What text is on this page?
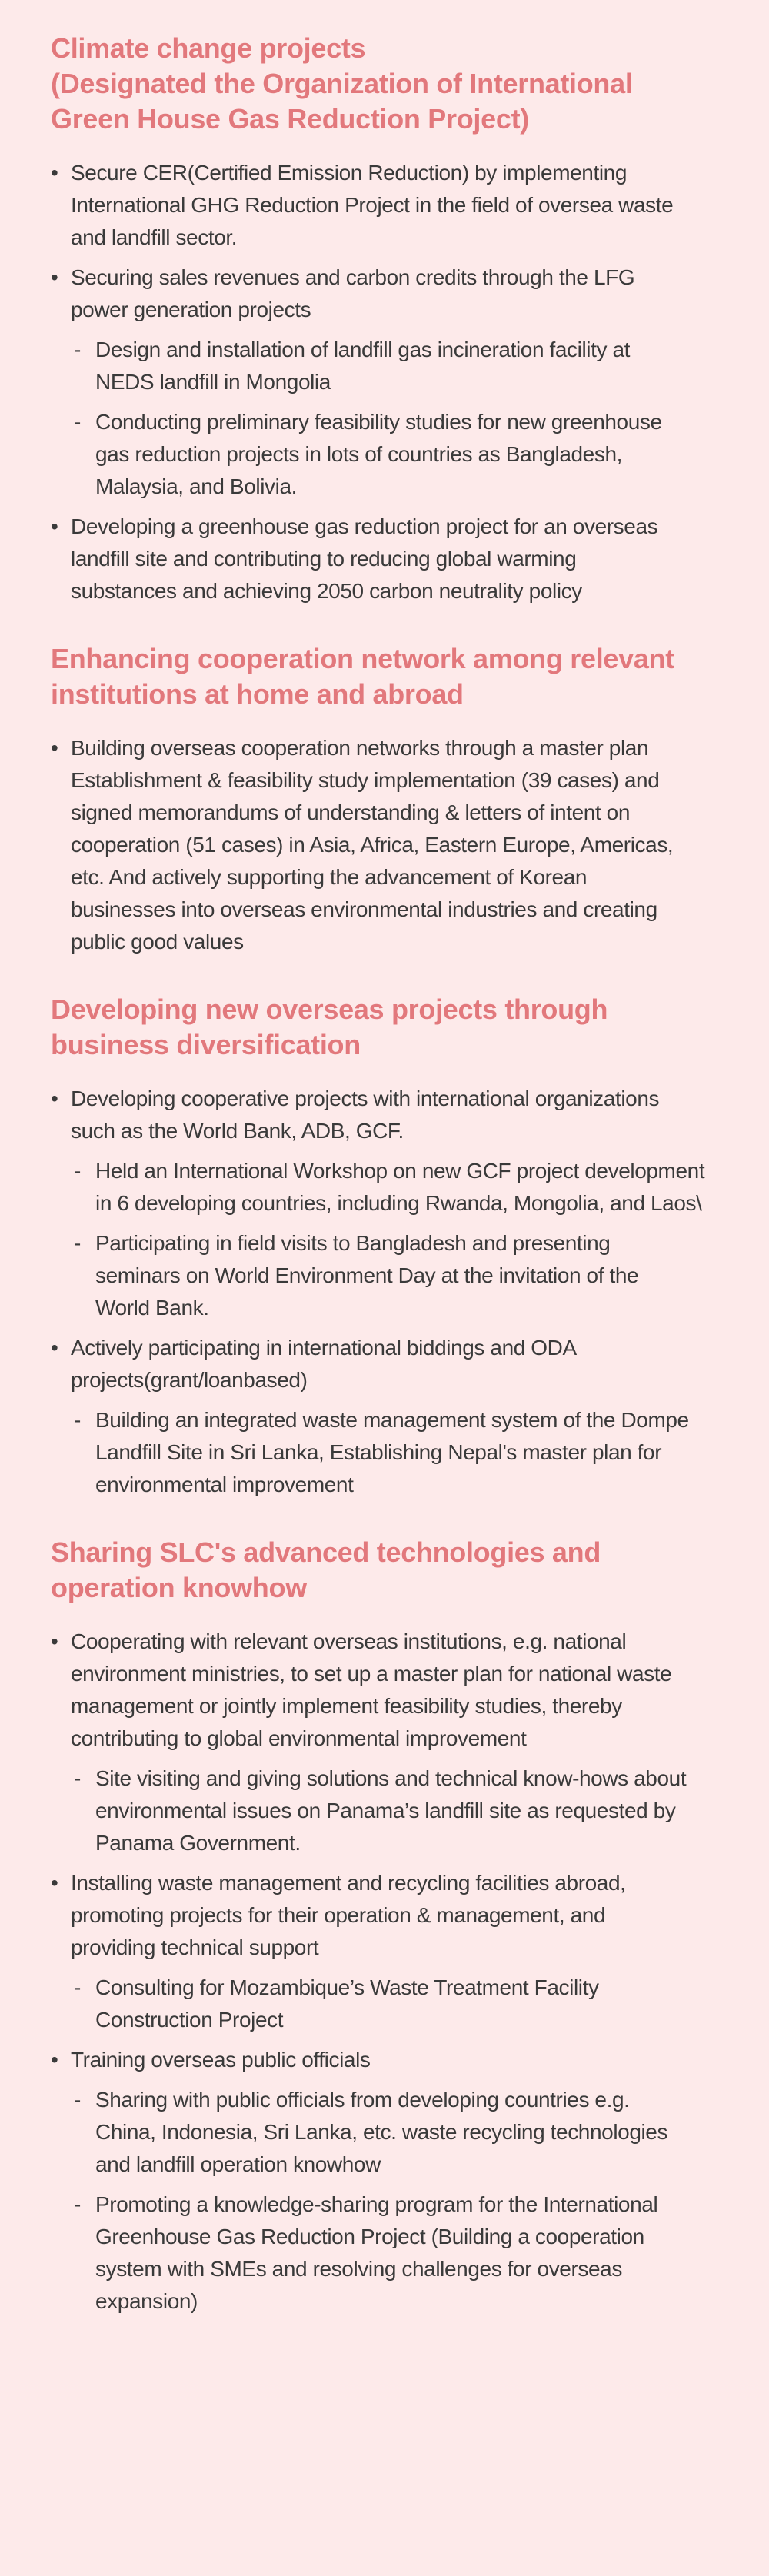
Climate change projects
(Designated the Organization of International
Green House Gas Reduction Project)
• Secure CER(Certified Emission Reduction) by implementing
International GHG Reduction Project in the field of oversea waste
and landfill sector.
• Securing sales revenues and carbon credits through the LFG
power generation projects
- Design and installation of landfill gas incineration facility at
NEDS landfill in Mongolia
- Conducting preliminary feasibility studies for new greenhouse
gas reduction projects in lots of countries as Bangladesh,
Malaysia, and Bolivia.
• Developing a greenhouse gas reduction project for an overseas
landfill site and contributing to reducing global warming
substances and achieving 2050 carbon neutrality policy
Enhancing cooperation network among relevant
institutions at home and abroad
• Building overseas cooperation networks through a master plan
Establishment & feasibility study implementation (39 cases) and
signed memorandums of understanding & letters of intent on
cooperation (51 cases) in Asia, Africa, Eastern Europe, Americas,
etc. And actively supporting the advancement of Korean
businesses into overseas environmental industries and creating
public good values
Developing new overseas projects through
business diversification
• Developing cooperative projects with international organizations
such as the World Bank, ADB, GCF.
- Held an International Workshop on new GCF project development
in 6 developing countries, including Rwanda, Mongolia, and Laos\
- Participating in field visits to Bangladesh and presenting
seminars on World Environment Day at the invitation of the
World Bank.
• Actively participating in international biddings and ODA
projects(grant/loanbased)
- Building an integrated waste management system of the Dompe
Landfill Site in Sri Lanka, Establishing Nepal's master plan for
environmental improvement
Sharing SLC's advanced technologies and
operation knowhow
• Cooperating with relevant overseas institutions, e.g. national
environment ministries, to set up a master plan for national waste
management or jointly implement feasibility studies, thereby
contributing to global environmental improvement
- Site visiting and giving solutions and technical know-hows about
environmental issues on Panama’s landfill site as requested by
Panama Government.
• Installing waste management and recycling facilities abroad,
promoting projects for their operation & management, and
providing technical support
- Consulting for Mozambique’s Waste Treatment Facility
Construction Project
• Training overseas public officials
- Sharing with public officials from developing countries e.g.
China, Indonesia, Sri Lanka, etc. waste recycling technologies
and landfill operation knowhow
- Promoting a knowledge-sharing program for the International
Greenhouse Gas Reduction Project (Building a cooperation
system with SMEs and resolving challenges for overseas
expansion)
